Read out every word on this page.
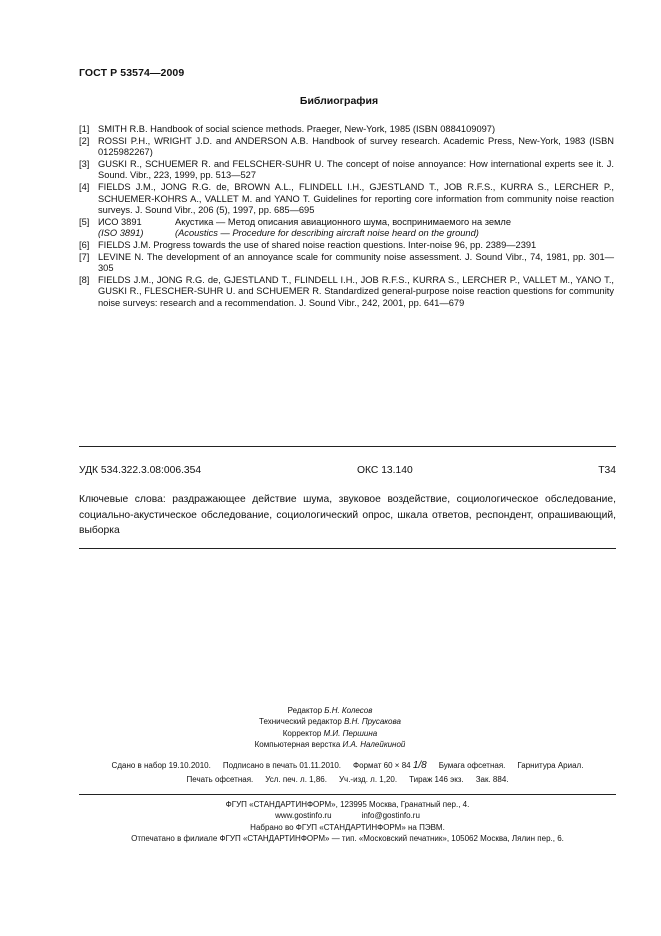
ГОСТ Р 53574—2009
Библиография
[1] SMITH R.B. Handbook of social science methods. Praeger, New-York, 1985 (ISBN 0884109097)
[2] ROSSI P.H., WRIGHT J.D. and ANDERSON A.B. Handbook of survey research. Academic Press, New-York, 1983 (ISBN 0125982267)
[3] GUSKI R., SCHUEMER R. and FELSCHER-SUHR U. The concept of noise annoyance: How international experts see it. J. Sound. Vibr., 223, 1999, pp. 513—527
[4] FIELDS J.M., JONG R.G. de, BROWN A.L., FLINDELL I.H., GJESTLAND T., JOB R.F.S., KURRA S., LERCHER P., SCHUEMER-KOHRS A., VALLET M. and YANO T. Guidelines for reporting core information from community noise reaction surveys. J. Sound Vibr., 206 (5), 1997, pp. 685—695
[5] ИСО 3891	Акустика — Метод описания авиационного шума, воспринимаемого на земле
(ISO 3891)	(Acoustics — Procedure for describing aircraft noise heard on the ground)
[6] FIELDS J.M. Progress towards the use of shared noise reaction questions. Inter-noise 96, pp. 2389—2391
[7] LEVINE N. The development of an annoyance scale for community noise assessment. J. Sound Vibr., 74, 1981, pp. 301—305
[8] FIELDS J.M., JONG R.G. de, GJESTLAND T., FLINDELL I.H., JOB R.F.S., KURRA S., LERCHER P., VALLET M., YANO T., GUSKI R., FLESCHER-SUHR U. and SCHUEMER R. Standardized general-purpose noise reaction questions for community noise surveys: research and a recommendation. J. Sound Vibr., 242, 2001, pp. 641—679
УДК 534.322.3.08:006.354	ОКС 13.140	Т34
Ключевые слова: раздражающее действие шума, звуковое воздействие, социологическое обследование, социально-акустическое обследование, социологический опрос, шкала ответов, респондент, опрашивающий, выборка
Редактор Б.Н. Колесов
Технический редактор В.Н. Прусакова
Корректор М.И. Першина
Компьютерная верстка И.А. Налейкиной
Сдано в набор 19.10.2010. Подписано в печать 01.11.2010. Формат 60 × 84 1/8 Бумага офсетная. Гарнитура Ариал.
Печать офсетная. Усл. печ. л. 1,86. Уч.-изд. л. 1,20. Тираж 146 экз. Зак. 884.
ФГУП «СТАНДАРТИНФОРМ», 123995 Москва, Гранатный пер., 4.
www.gostinfo.ru	info@gostinfo.ru
Набрано во ФГУП «СТАНДАРТИНФОРМ» на ПЭВМ.
Отпечатано в филиале ФГУП «СТАНДАРТИНФОРМ» — тип. «Московский печатник», 105062 Москва, Лялин пер., 6.
